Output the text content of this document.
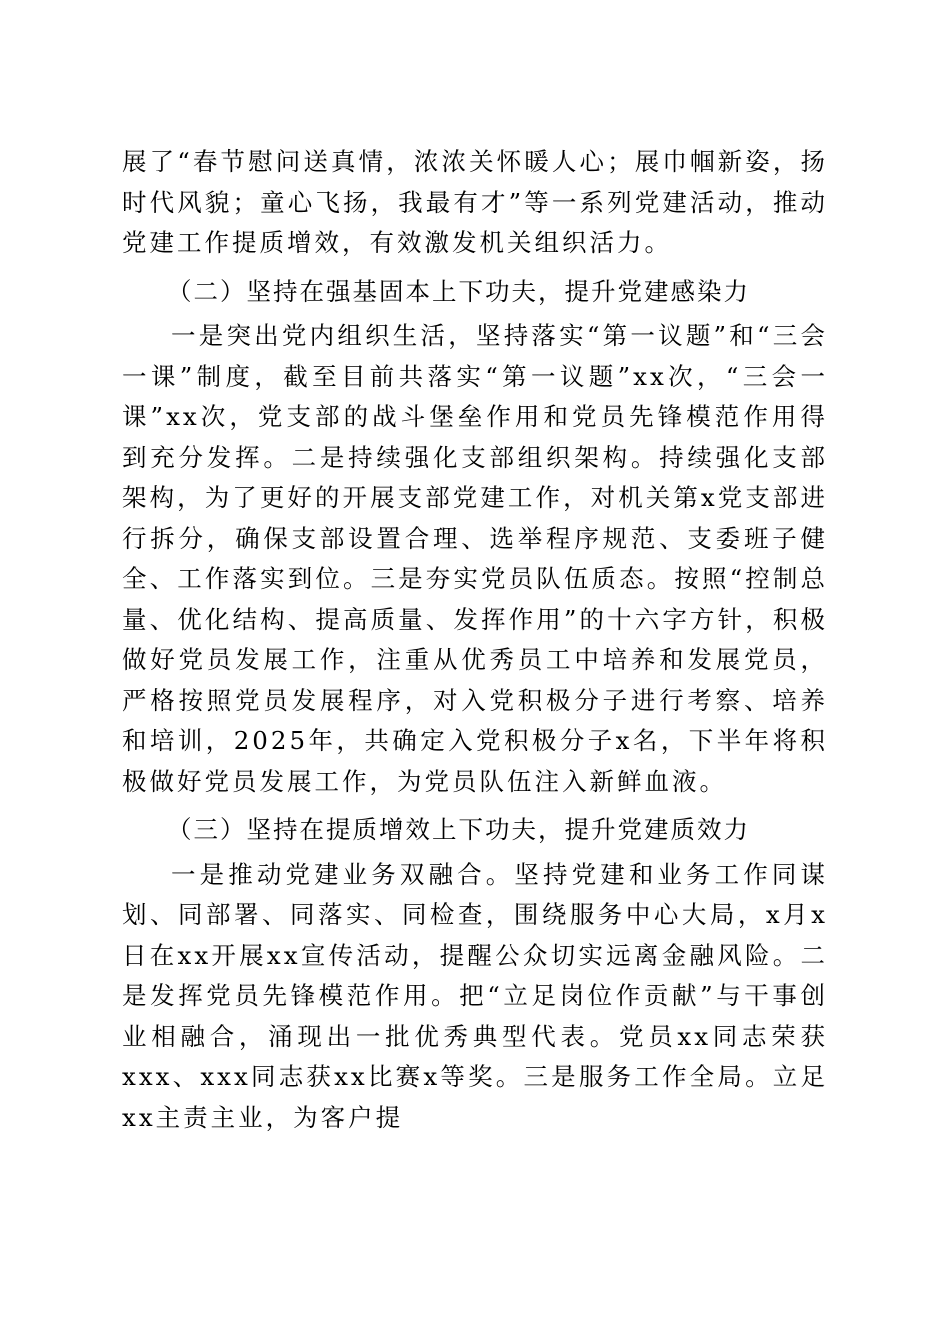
展了“春节慰问送真情，浓浓关怀暖人心；展巾帼新姿，扬时代风貌；童心飞扬，我最有才”等一系列党建活动，推动党建工作提质增效，有效激发机关组织活力。

（二）坚持在强基固本上下功夫，提升党建感染力

一是突出党内组织生活，坚持落实“第一议题”和“三会一课”制度，截至目前共落实“第一议题”xx次，“三会一课”xx次，党支部的战斗堡垒作用和党员先锋模范作用得到充分发挥。二是持续强化支部组织架构。持续强化支部架构，为了更好的开展支部党建工作，对机关第x党支部进行拆分，确保支部设置合理、选举程序规范、支委班子健全、工作落实到位。三是夯实党员队伍质态。按照“控制总量、优化结构、提高质量、发挥作用”的十六字方针，积极做好党员发展工作，注重从优秀员工中培养和发展党员，严格按照党员发展程序，对入党积极分子进行考察、培养和培训，2025年，共确定入党积极分子x名，下半年将积极做好党员发展工作，为党员队伍注入新鲜血液。

（三）坚持在提质增效上下功夫，提升党建质效力

一是推动党建业务双融合。坚持党建和业务工作同谋划、同部署、同落实、同检查，围绕服务中心大局，x月x日在xx开展xx宣传活动，提醒公众切实远离金融风险。二是发挥党员先锋模范作用。把“立足岗位作贡献”与干事创业相融合，涌现出一批优秀典型代表。党员xx同志荣获xxx、xxx同志获xx比赛x等奖。三是服务工作全局。立足xx主责主业，为客户提
